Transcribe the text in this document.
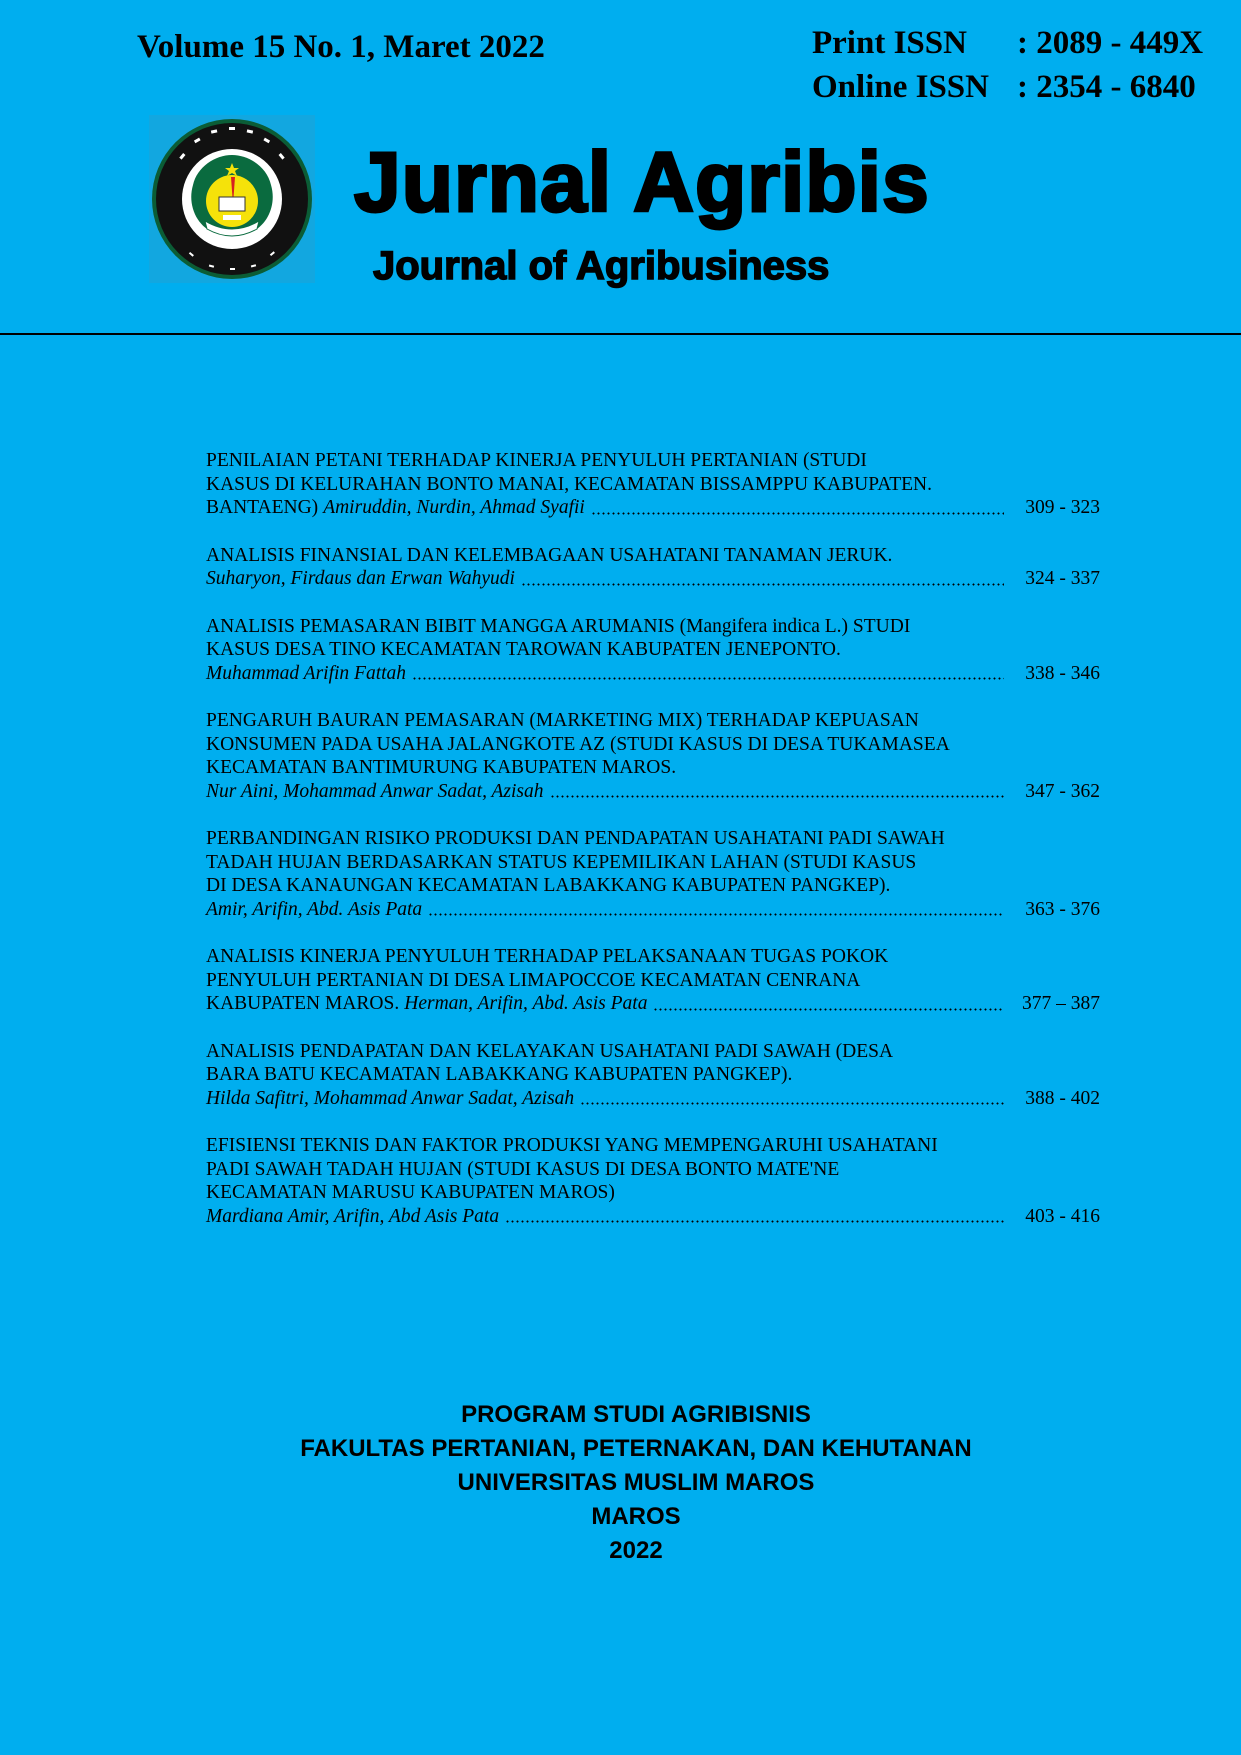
Volume 15 No. 1, Maret 2022	Print ISSN	: 2089 - 449X
Online ISSN : 2354 - 6840
Jurnal Agribis
Journal of Agribusiness
PENILAIAN PETANI TERHADAP KINERJA PENYULUH PERTANIAN (STUDI
KASUS DI KELURAHAN BONTO MANAI, KECAMATAN BISSAMPPU KABUPATEN.
BANTAENG) Amiruddin, Nurdin, Ahmad Syafii	309 - 323
ANALISIS FINANSIAL DAN KELEMBAGAAN USAHATANI TANAMAN JERUK.
Suharyon, Firdaus dan Erwan Wahyudi	324 - 337
ANALISIS PEMASARAN BIBIT MANGGA ARUMANIS (Mangifera indica L.) STUDI
KASUS DESA TINO KECAMATAN TAROWAN KABUPATEN JENEPONTO.
Muhammad Arifin Fattah	338 - 346
PENGARUH BAURAN PEMASARAN (MARKETING MIX) TERHADAP KEPUASAN
KONSUMEN PADA USAHA JALANGKOTE AZ (STUDI KASUS DI DESA TUKAMASEA
KECAMATAN BANTIMURUNG KABUPATEN MAROS.
Nur Aini, Mohammad Anwar Sadat, Azisah	347 - 362
PERBANDINGAN RISIKO PRODUKSI DAN PENDAPATAN USAHATANI PADI SAWAH
TADAH HUJAN BERDASARKAN STATUS KEPEMILIKAN LAHAN (STUDI KASUS
DI DESA KANAUNGAN KECAMATAN LABAKKANG KABUPATEN PANGKEP).
Amir, Arifin, Abd. Asis Pata	363 - 376
ANALISIS KINERJA PENYULUH TERHADAP PELAKSANAAN TUGAS POKOK
PENYULUH PERTANIAN DI DESA LIMAPOCCOE KECAMATAN CENRANA
KABUPATEN MAROS. Herman, Arifin, Abd. Asis Pata	377 – 387
ANALISIS PENDAPATAN DAN KELAYAKAN USAHATANI PADI SAWAH (DESA
BARA BATU KECAMATAN LABAKKANG KABUPATEN PANGKEP).
Hilda Safitri, Mohammad Anwar Sadat, Azisah	388 - 402
EFISIENSI TEKNIS DAN FAKTOR PRODUKSI YANG MEMPENGARUHI USAHATANI
PADI SAWAH TADAH HUJAN (STUDI KASUS DI DESA BONTO MATE'NE
KECAMATAN MARUSU KABUPATEN MAROS)
Mardiana Amir, Arifin, Abd Asis Pata	403 - 416
PROGRAM STUDI AGRIBISNIS
FAKULTAS PERTANIAN, PETERNAKAN, DAN KEHUTANAN
UNIVERSITAS MUSLIM MAROS
MAROS
2022
